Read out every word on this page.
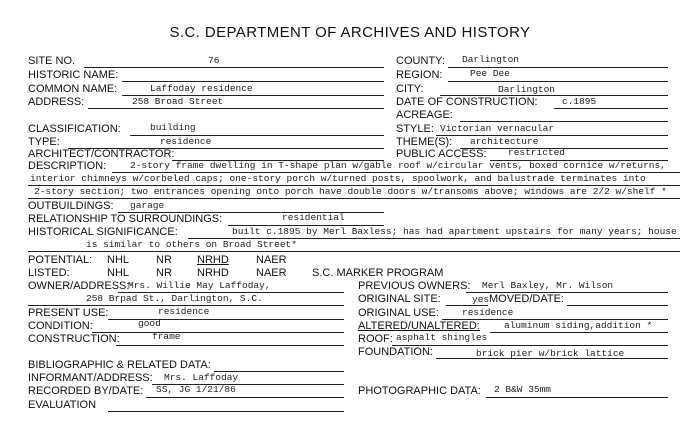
S.C. DEPARTMENT OF ARCHIVES AND HISTORY
SITE NO.	76	COUNTY: Darlington
HISTORIC NAME:	REGION:	Pee Dee
COMMON NAME:	Laffoday residence	CITY:	Darlington
ADDRESS:	258 Broad Street	DATE OF CONSTRUCTION:	c.1895
ACREAGE:
CLASSIFICATION:	building	STYLE: Victorian vernacular
TYPE:	residence	THEME(S): architecture
ARCHITECT/CONTRACTOR:	PUBLIC ACCESS: restricted
DESCRIPTION:	2-story frame dwelling in T-shape plan w/gable roof w/circular vents, boxed cornice w/returns,
interior chimneys w/corbeled caps; one-story porch w/turned posts, spoolwork, and balustrade terminates into
2-story section; two entrances opening onto porch have double doors w/transoms above; windows are 2/2 w/shelf *
OUTBUILDINGS: garage
RELATIONSHIP TO SURROUNDINGS:	residential
HISTORICAL SIGNIFICANCE:	built c.1895 by Merl Baxless; has had apartment upstairs for many years; house
is similar to others on Broad Street*
POTENTIAL: NHL NR NRHD NAER
LISTED:	NHL NR NRHD NAER S.C. MARKER PROGRAM
OWNER/ADDRESS:
Mrs. Willie May Laffoday,
258 Brpad St., Darlington, S.C.
PREVIOUS OWNERS: Merl Baxley, Mr. Wilson
ORIGINAL SITE:	yes MOVED/DATE:
PRESENT USE:	residence	ORIGINAL USE: residence
CONDITION:	good	ALTERED/UNALTERED:	aluminum siding,addition *
CONSTRUCTION:	frame	ROOF: asphalt shingles
FOUNDATION:	brick pier w/brick lattice
BIBLIOGRAPHIC & RELATED DATA:
INFORMANT/ADDRESS: Mrs. Laffoday
RECORDED BY/DATE: SS, JG 1/21/86	PHOTOGRAPHIC DATA: 2 B&W 35mm
EVALUATION
